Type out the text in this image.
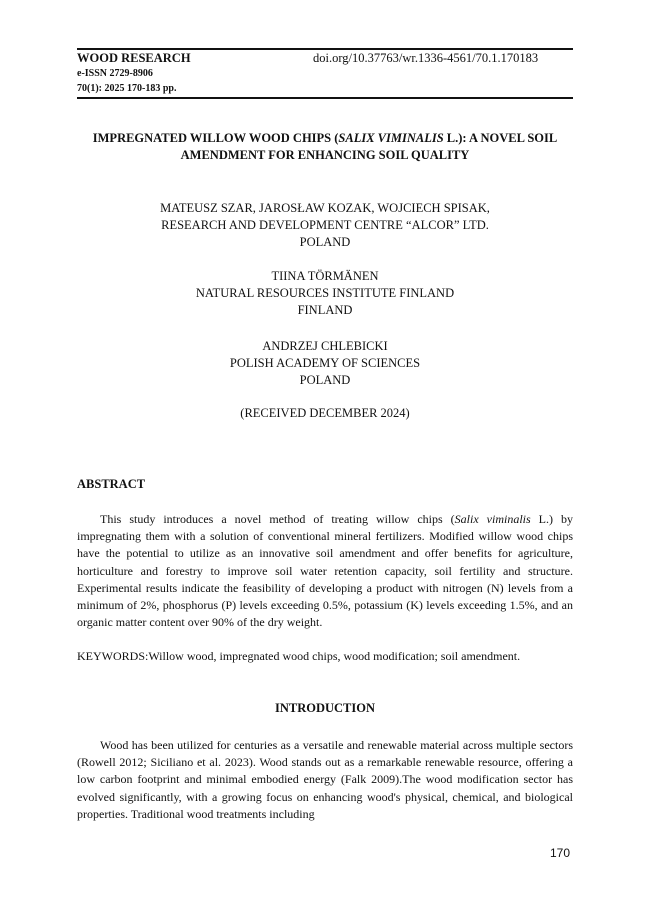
WOOD RESEARCH	doi.org/10.37763/wr.1336-4561/70.1.170183
e-ISSN 2729-8906
70(1): 2025 170-183 pp.
IMPREGNATED WILLOW WOOD CHIPS (SALIX VIMINALIS L.): A NOVEL SOIL
AMENDMENT FOR ENHANCING SOIL QUALITY
MATEUSZ SZAR, JAROSŁAW KOZAK, WOJCIECH SPISAK,
RESEARCH AND DEVELOPMENT CENTRE “ALCOR” LTD.
POLAND
TIINA TÖRMÄNEN
NATURAL RESOURCES INSTITUTE FINLAND
FINLAND
ANDRZEJ CHLEBICKI
POLISH ACADEMY OF SCIENCES
POLAND
(RECEIVED DECEMBER 2024)
ABSTRACT

This study introduces a novel method of treating willow chips (Salix viminalis L.) by impregnating them with a solution of conventional mineral fertilizers. Modified willow wood chips have the potential to utilize as an innovative soil amendment and offer benefits for agriculture, horticulture and forestry to improve soil water retention capacity, soil fertility and structure. Experimental results indicate the feasibility of developing a product with nitrogen (N) levels from a minimum of 2%, phosphorus (P) levels exceeding 0.5%, potassium (K) levels exceeding 1.5%, and an organic matter content over 90% of the dry weight.

KEYWORDS:Willow wood, impregnated wood chips, wood modification; soil amendment.
INTRODUCTION

Wood has been utilized for centuries as a versatile and renewable material across multiple sectors (Rowell 2012; Siciliano et al. 2023). Wood stands out as a remarkable renewable resource, offering a low carbon footprint and minimal embodied energy (Falk 2009).The wood modification sector has evolved significantly, with a growing focus on enhancing wood's physical, chemical, and biological properties. Traditional wood treatments including

170
